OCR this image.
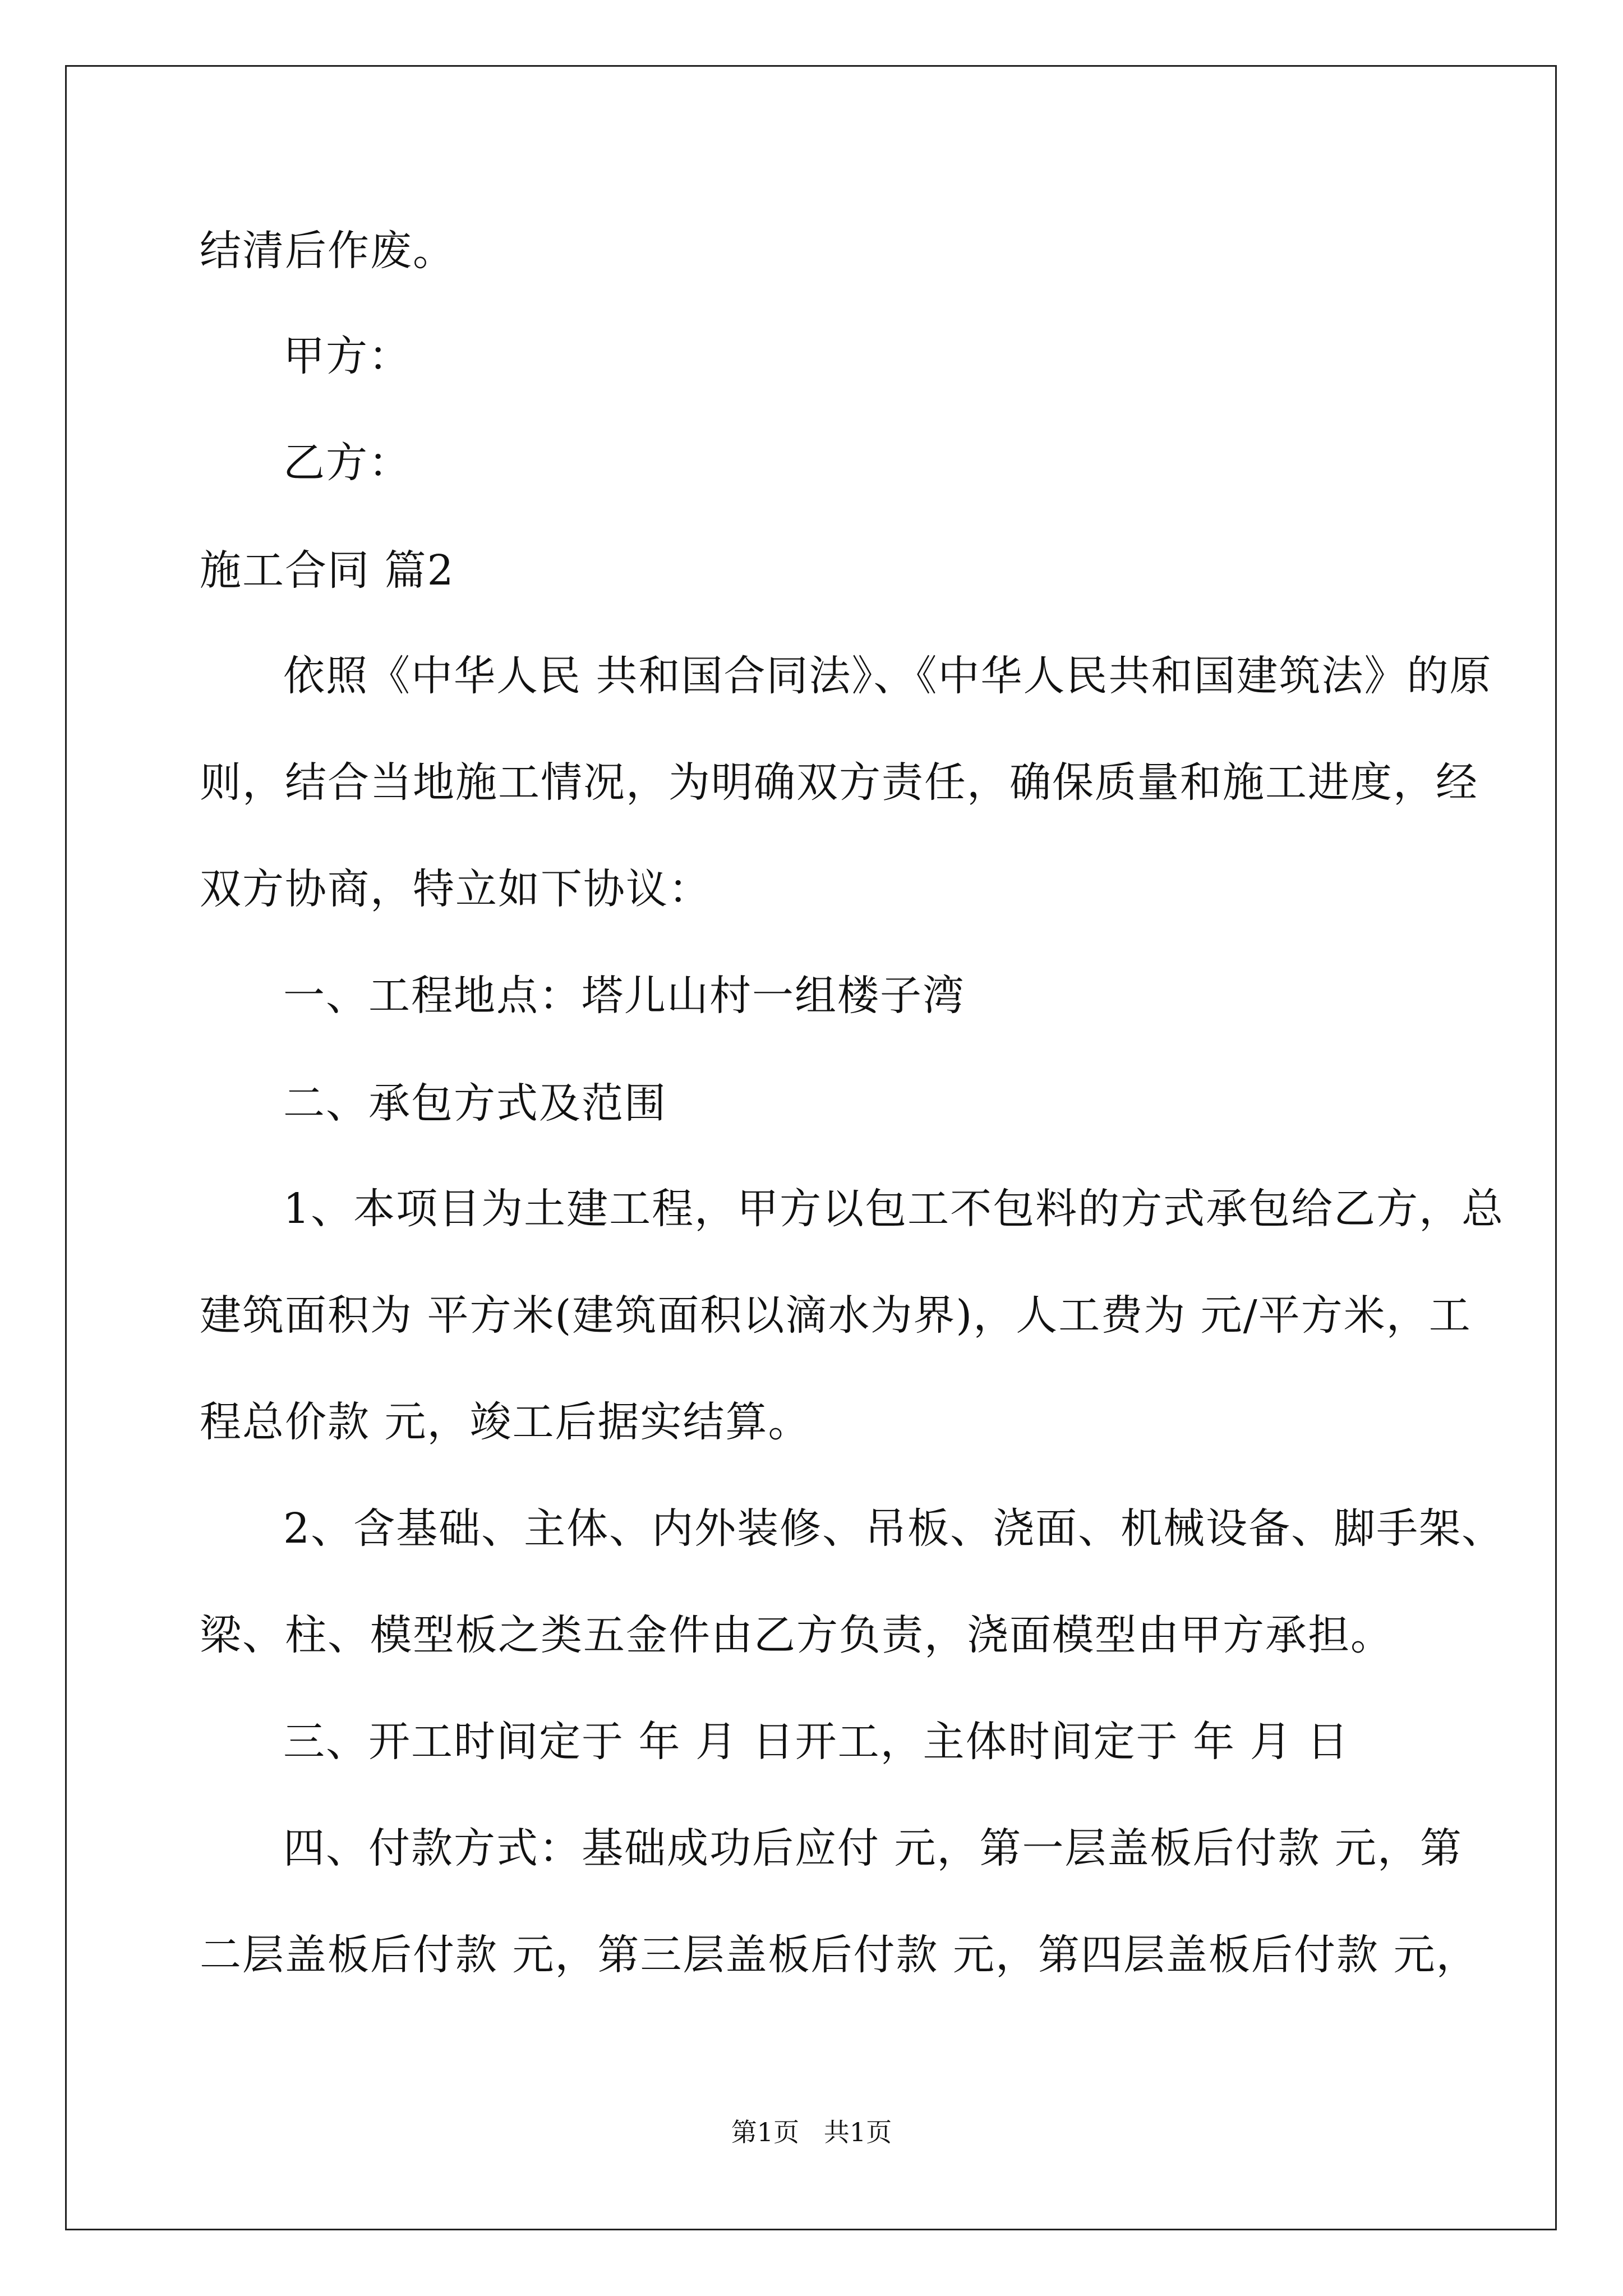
结清后作废。
甲方：
乙方：
施工合同 篇2
依照《中华人民 共和国合同法》、《中华人民共和国建筑法》的原
则，结合当地施工情况，为明确双方责任，确保质量和施工进度，经
双方协商，特立如下协议：
一、工程地点：塔儿山村一组楼子湾
二、承包方式及范围
1、本项目为土建工程，甲方以包工不包料的方式承包给乙方，总
建筑面积为 平方米(建筑面积以滴水为界)，人工费为 元/平方米，工
程总价款 元，竣工后据实结算。
2、含基础、主体、内外装修、吊板、浇面、机械设备、脚手架、
梁、柱、模型板之类五金件由乙方负责，浇面模型由甲方承担。
三、开工时间定于 年 月 日开工，主体时间定于 年 月 日
四、付款方式：基础成功后应付 元，第一层盖板后付款 元，第
二层盖板后付款 元，第三层盖板后付款 元，第四层盖板后付款 元，
第1页   共1页
